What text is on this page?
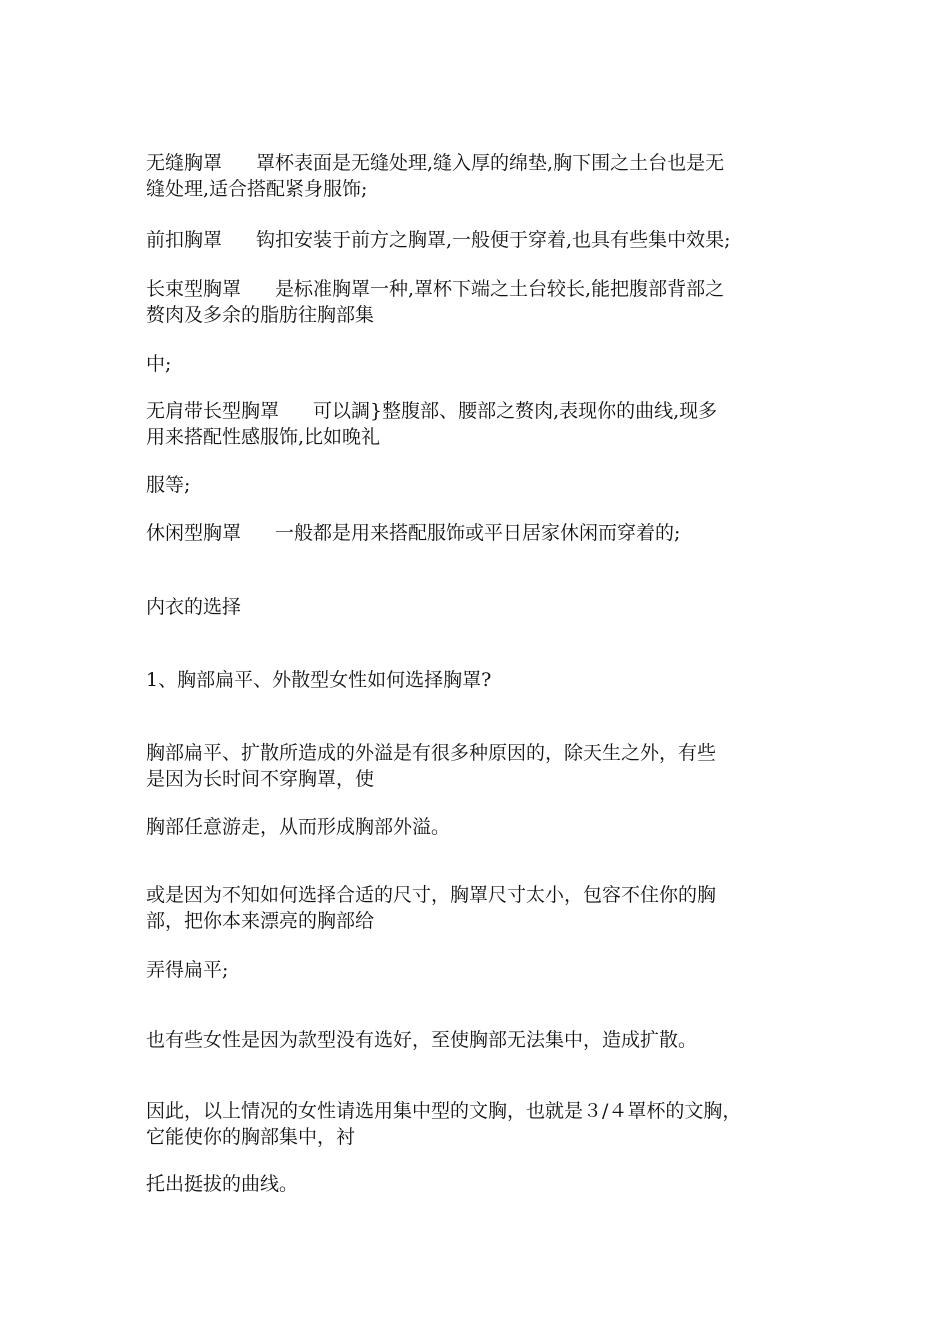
无缝胸罩 罩杯表面是无缝处理,缝入厚的绵垫,胸下围之土台也是无
缝处理,适合搭配紧身服饰;
前扣胸罩 钩扣安装于前方之胸罩,一般便于穿着,也具有些集中效果;
长束型胸罩 是标准胸罩一种,罩杯下端之土台较长,能把腹部背部之
赘肉及多余的脂肪往胸部集
中;
无肩带长型胸罩 可以調}整腹部、腰部之赘肉,表现你的曲线,现多
用来搭配性感服饰,比如晚礼
服等;
休闲型胸罩 一般都是用来搭配服饰或平日居家休闲而穿着的;
内衣的选择
1、胸部扁平、外散型女性如何选择胸罩?
胸部扁平、扩散所造成的外溢是有很多种原因的，除天生之外，有些
是因为长时间不穿胸罩，使
胸部任意游走，从而形成胸部外溢。
或是因为不知如何选择合适的尺寸，胸罩尺寸太小，包容不住你的胸
部，把你本来漂亮的胸部给
弄得扁平;
也有些女性是因为款型没有选好，至使胸部无法集中，造成扩散。
因此，以上情况的女性请选用集中型的文胸，也就是３/４罩杯的文胸，
它能使你的胸部集中，衬
托出挺拔的曲线。
